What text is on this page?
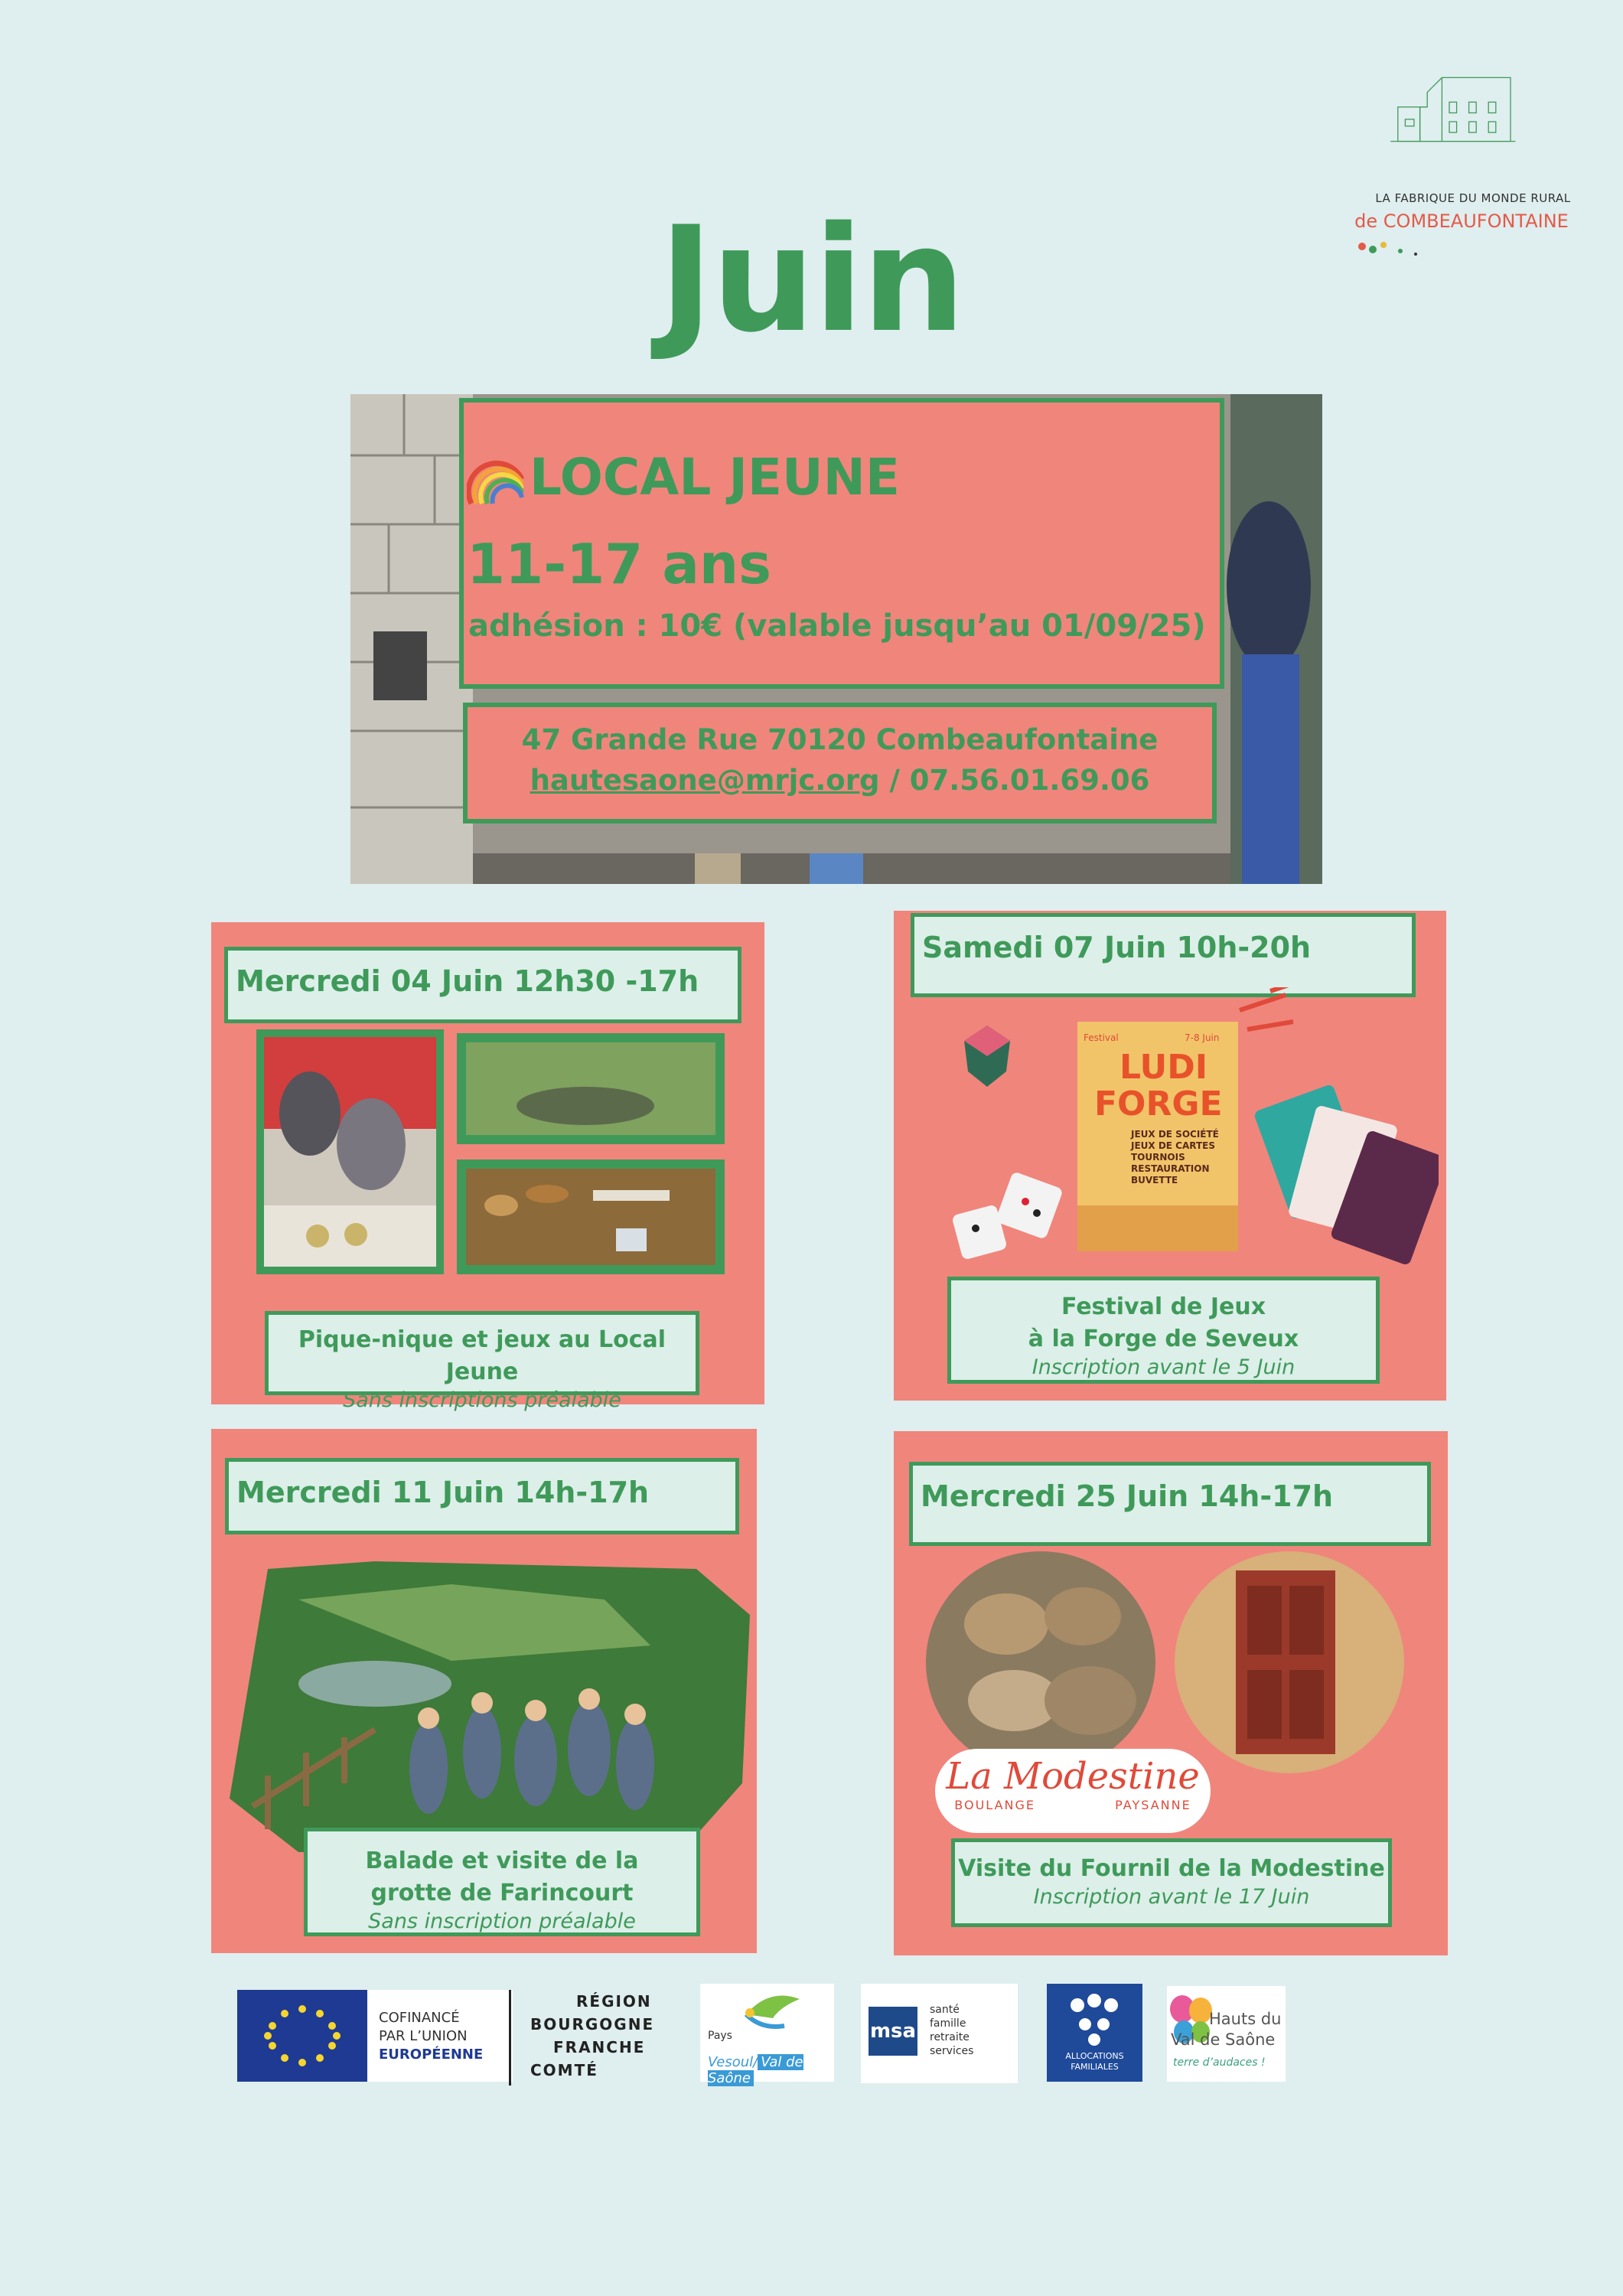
LA FABRIQUE DU MONDE RURAL
de COMBEAUFONTAINE
Juin
LOCAL JEUNE
11-17 ans
adhésion : 10€ (valable jusqu’au 01/09/25)
47 Grande Rue 70120 Combeaufontaine
hautesaone@mrjc.org / 07.56.01.69.06
Mercredi 04 Juin 12h30 -17h
Pique-nique et jeux au Local Jeune
Sans inscriptions préalable
Samedi 07 Juin 10h-20h
Festival	7-8 Juin
LUDI
FORGE
JEUX DE SOCIÉTÉ
JEUX DE CARTES
TOURNOIS
RESTAURATION
BUVETTE
Festival de Jeux
à la Forge de Seveux
Inscription avant le 5 Juin
Mercredi 11 Juin 14h-17h
Balade et visite de la
grotte de Farincourt
Sans inscription préalable
Mercredi 25 Juin 14h-17h
La Modestine
BOULANGE	PAYSANNE
Visite du Fournil de la Modestine
Inscription avant le 17 Juin
COFINANCÉ
PAR L’UNION
EUROPÉENNE
RÉGION
BOURGOGNE
FRANCHE
COMTÉ
Pays
Vesoul/ Val de Saône
msa
santé
famille
retraite
services	ALLOCATIONS
FAMILIALES
Hauts du
Val de Saône
terre d’audaces !
